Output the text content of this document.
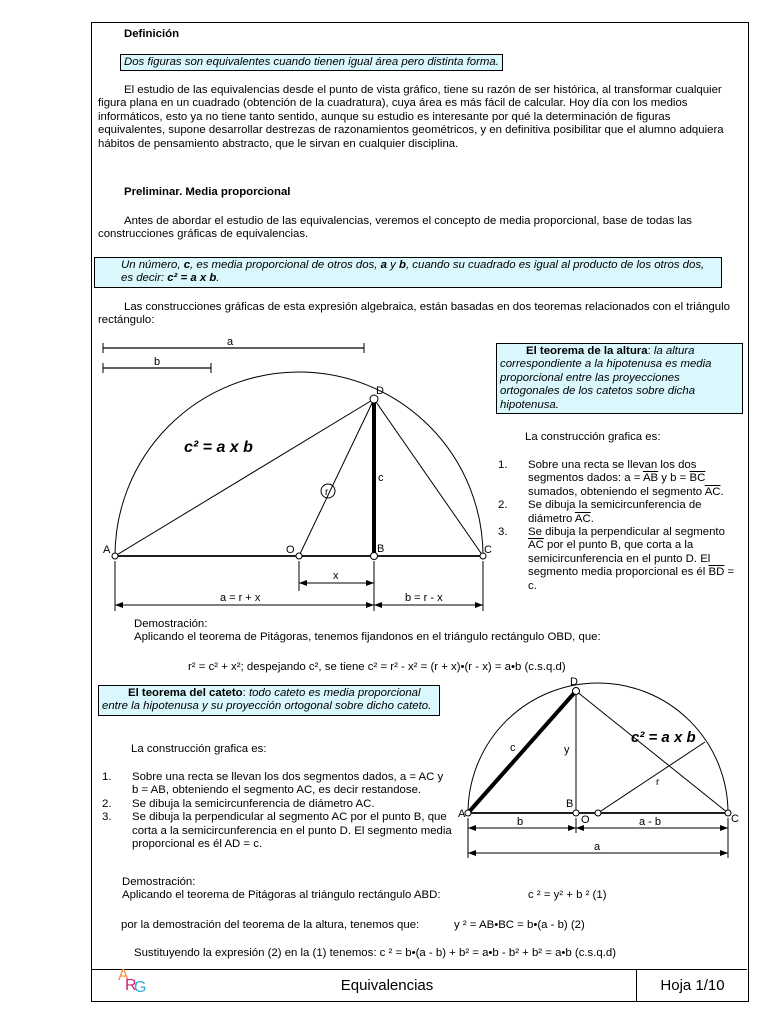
Definición
Dos figuras son equivalentes cuando tienen igual área pero distinta forma.
El estudio de las equivalencias desde el punto de vista gráfico, tiene su razón de ser histórica, al transformar cualquier figura plana en un cuadrado (obtención de la cuadratura), cuya área es más fácil de calcular. Hoy día con los medios informáticos, esto ya no tiene tanto sentido, aunque su estudio es interesante por qué la determinación de figuras equivalentes, supone desarrollar destrezas de razonamientos geométricos, y en definitiva posibilitar que el alumno adquiera hábitos de pensamiento abstracto, que le sirvan en cualquier disciplina.
Preliminar. Media proporcional
Antes de abordar el estudio de las equivalencias, veremos el concepto de media proporcional, base de todas las construcciones gráficas de equivalencias.
Un número, c, es media proporcional de otros dos, a y b, cuando su cuadrado es igual al producto de los otros dos, es decir: c² = a x b.
Las construcciones gráficas de esta expresión algebraica, están basadas en dos teoremas relacionados con el triángulo rectángulo:
a
b
c² = a x b
A	O	B	C
D
c
r
x
a = r + x	b = r - x
El teorema de la altura: la altura correspondiente a la hipotenusa es media proporcional entre las proyecciones ortogonales de los catetos sobre dicha hipotenusa.
La construcción grafica es:
1. Sobre una recta se llevan los dos segmentos dados: $a = \overline{AB}$ y $b = \overline{BC}$ sumados, obteniendo el segmento $\overline{AC}$.
2. Se dibuja la semicircunferencia de diámetro $\overline{AC}$.
3. Se dibuja la perpendicular al segmento $\overline{AC}$ por el punto B, que corta a la semicircunferencia en el punto D. El segmento media proporcional es él $\overline{BD} = c$.
Demostración:
Aplicando el teorema de Pitágoras, tenemos fijandonos en el triángulo rectángulo OBD, que:
r² = c² + x²; despejando c², se tiene c² = r² - x² = (r + x)•(r - x) = a•b (c.s.q.d)
El teorema del cateto: todo cateto es media proporcional entre la hipotenusa y su proyección ortogonal sobre dicho cateto.
La construcción grafica es:
1. Sobre una recta se llevan los dos segmentos dados, a = AC y b = AB, obteniendo el segmento AC, es decir restandose.
2. Se dibuja la semicircunferencia de diámetro AC.
3. Se dibuja la perpendicular al segmento AC por el punto B, que corta a la semicircunferencia en el punto D. El segmento media proporcional es él AD = c.
A
B
O	C
D
c	y
r
c² = a x b
b	a - b
a
Demostración:
Aplicando el teorema de Pitágoras al triángulo rectángulo ABD:	c ² = y² + b ² (1)
por la demostración del teorema de la altura, tenemos que:	y ² = AB•BC = b•(a - b) (2)
Sustituyendo la expresión (2) en la (1) tenemos: c ² = b•(a - b) + b² = a•b - b² + b² = a•b (c.s.q.d)
A
R
G	Equivalencias	Hoja 1/10
